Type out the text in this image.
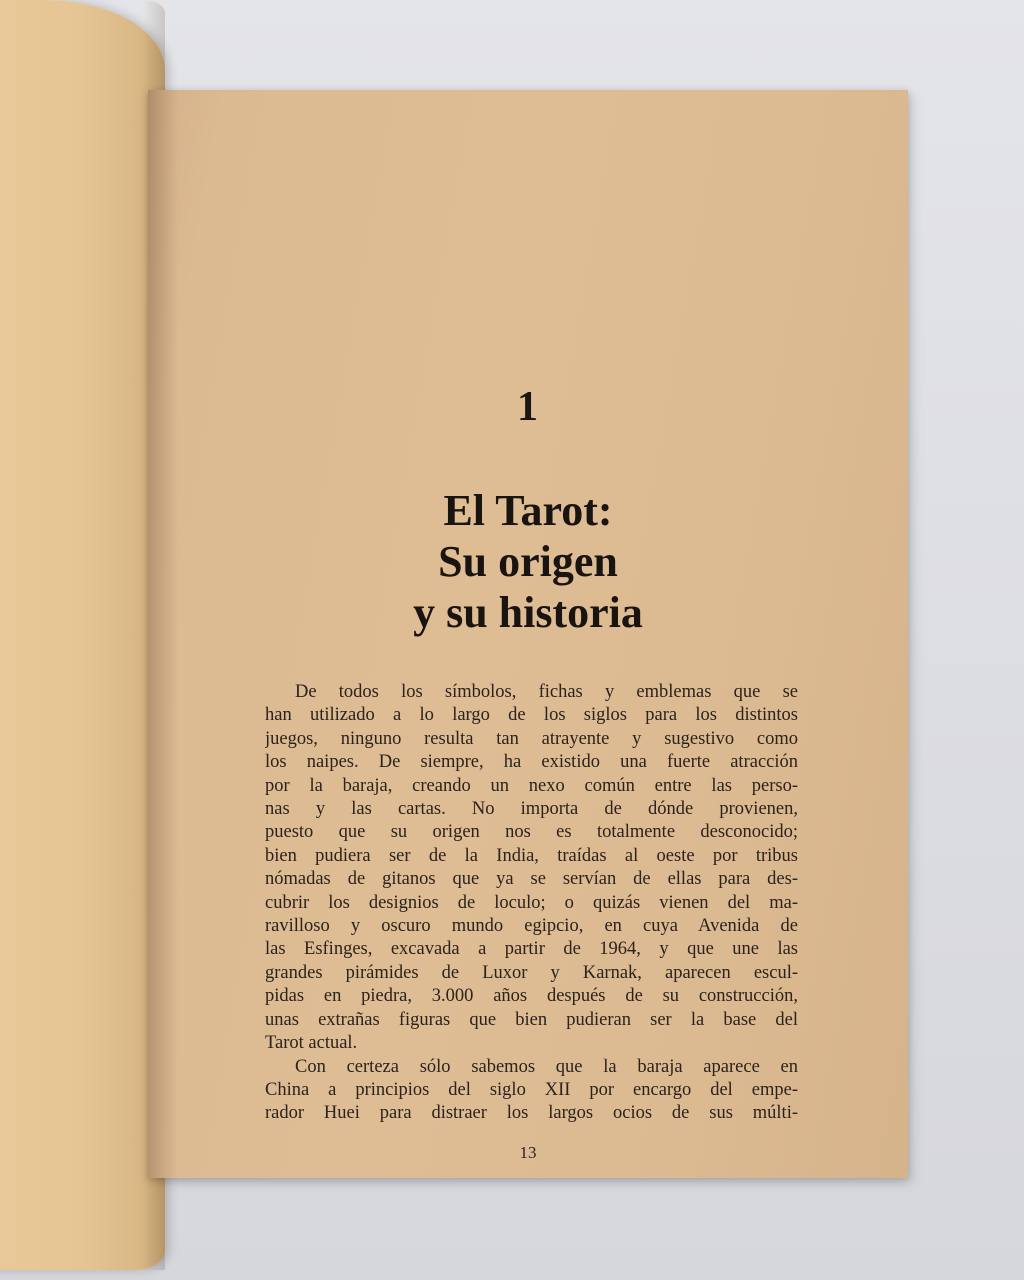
1
El Tarot:
Su origen
y su historia
De todos los símbolos, fichas y emblemas que se
han utilizado a lo largo de los siglos para los distintos
juegos, ninguno resulta tan atrayente y sugestivo como
los naipes. De siempre, ha existido una fuerte atracción
por la baraja, creando un nexo común entre las perso-
nas y las cartas. No importa de dónde provienen,
puesto que su origen nos es totalmente desconocido;
bien pudiera ser de la India, traídas al oeste por tribus
nómadas de gitanos que ya se servían de ellas para des-
cubrir los designios de loculo; o quizás vienen del ma-
ravilloso y oscuro mundo egipcio, en cuya Avenida de
las Esfinges, excavada a partir de 1964, y que une las
grandes pirámides de Luxor y Karnak, aparecen escul-
pidas en piedra, 3.000 años después de su construcción,
unas extrañas figuras que bien pudieran ser la base del
Tarot actual.
Con certeza sólo sabemos que la baraja aparece en
China a principios del siglo XII por encargo del empe-
rador Huei para distraer los largos ocios de sus múlti-
13
